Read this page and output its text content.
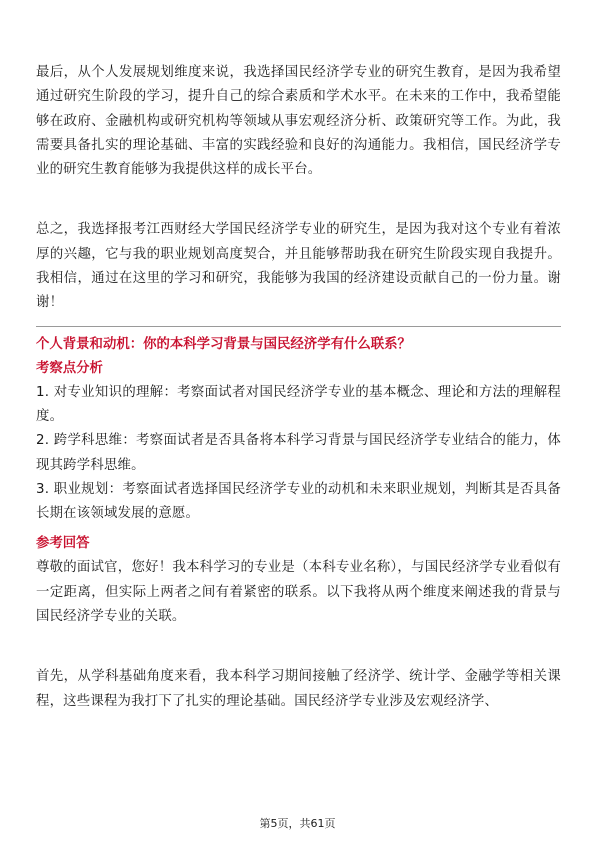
最后，从个人发展规划维度来说，我选择国民经济学专业的研究生教育，是因为我希望通过研究生阶段的学习，提升自己的综合素质和学术水平。在未来的工作中，我希望能够在政府、金融机构或研究机构等领域从事宏观经济分析、政策研究等工作。为此，我需要具备扎实的理论基础、丰富的实践经验和良好的沟通能力。我相信，国民经济学专业的研究生教育能够为我提供这样的成长平台。

总之，我选择报考江西财经大学国民经济学专业的研究生，是因为我对这个专业有着浓厚的兴趣，它与我的职业规划高度契合，并且能够帮助我在研究生阶段实现自我提升。我相信，通过在这里的学习和研究，我能够为我国的经济建设贡献自己的一份力量。谢谢！

个人背景和动机：你的本科学习背景与国民经济学有什么联系？

考察点分析

1. 对专业知识的理解：考察面试者对国民经济学专业的基本概念、理论和方法的理解程度。

2. 跨学科思维：考察面试者是否具备将本科学习背景与国民经济学专业结合的能力，体现其跨学科思维。

3. 职业规划：考察面试者选择国民经济学专业的动机和未来职业规划，判断其是否具备长期在该领域发展的意愿。

参考回答

尊敬的面试官，您好！我本科学习的专业是（本科专业名称），与国民经济学专业看似有一定距离，但实际上两者之间有着紧密的联系。以下我将从两个维度来阐述我的背景与国民经济学专业的关联。

首先，从学科基础角度来看，我本科学习期间接触了经济学、统计学、金融学等相关课程，这些课程为我打下了扎实的理论基础。国民经济学专业涉及宏观经济学、

第5页，共61页
